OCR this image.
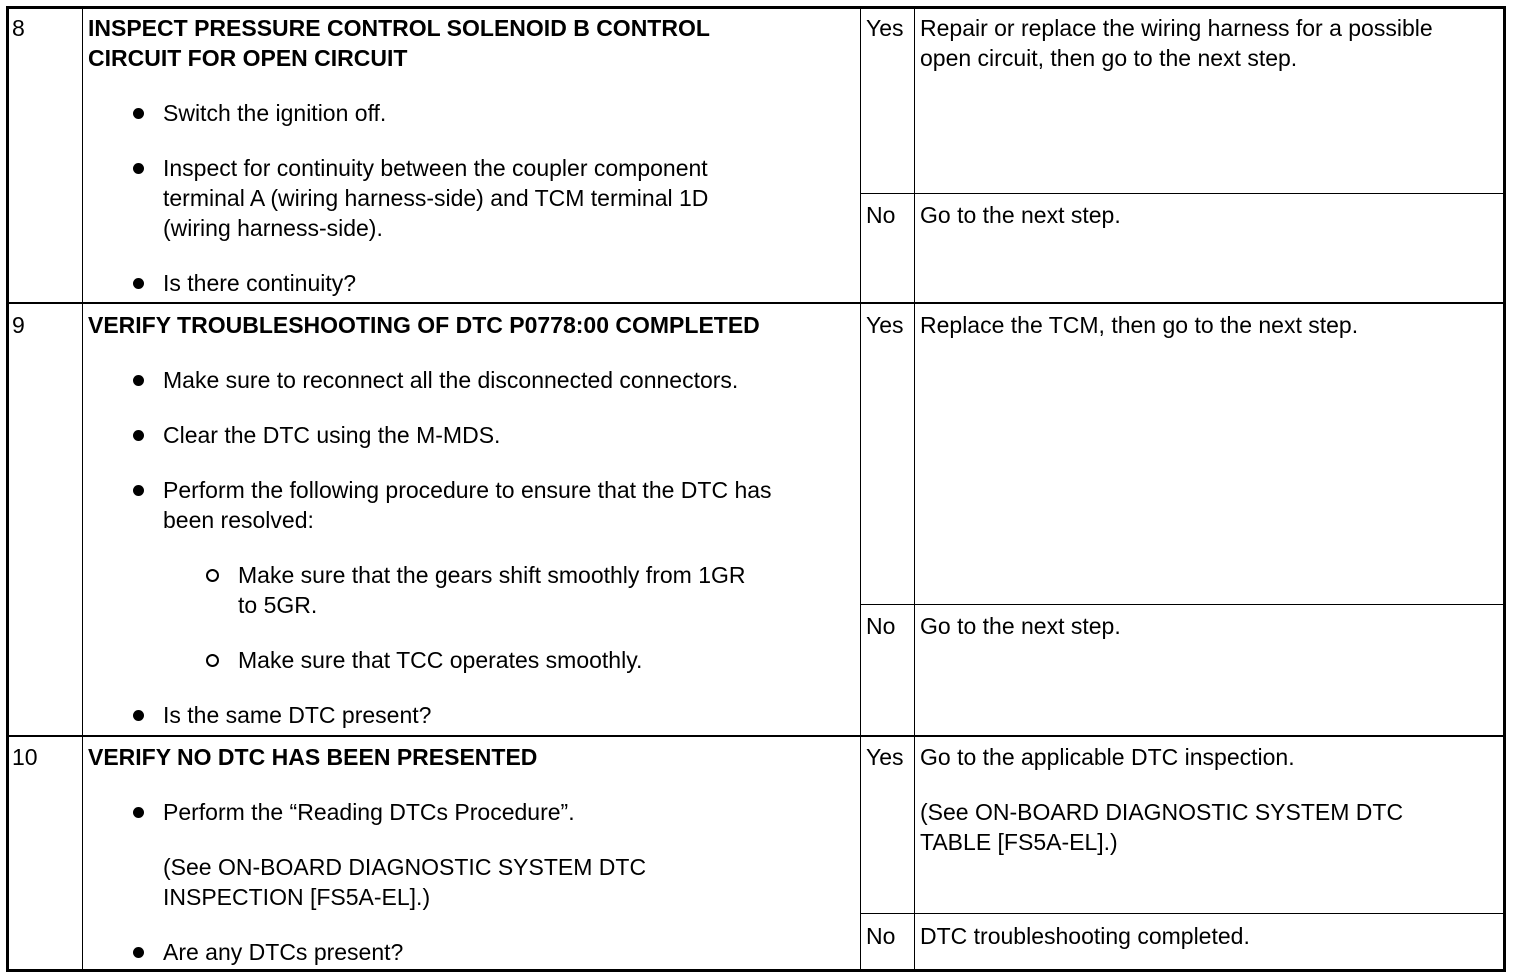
8	INSPECT PRESSURE CONTROL SOLENOID B CONTROL
CIRCUIT FOR OPEN CIRCUIT
Switch the ignition off.
Inspect for continuity between the coupler component
terminal A (wiring harness-side) and TCM terminal 1D
(wiring harness-side).
Is there continuity?
Yes Repair or replace the wiring harness for a possible
open circuit, then go to the next step.
No Go to the next step.
9	VERIFY TROUBLESHOOTING OF DTC P0778:00 COMPLETED
Make sure to reconnect all the disconnected connectors.
Clear the DTC using the M-MDS.
Perform the following procedure to ensure that the DTC has
been resolved:
Make sure that the gears shift smoothly from 1GR
to 5GR.
Make sure that TCC operates smoothly.
Is the same DTC present?
Yes Replace the TCM, then go to the next step.
No Go to the next step.
10 VERIFY NO DTC HAS BEEN PRESENTED
Perform the “Reading DTCs Procedure”.
(See ON-BOARD DIAGNOSTIC SYSTEM DTC
INSPECTION [FS5A-EL].)
Are any DTCs present?
Yes Go to the applicable DTC inspection.
(See ON-BOARD DIAGNOSTIC SYSTEM DTC
TABLE [FS5A-EL].)
No DTC troubleshooting completed.
